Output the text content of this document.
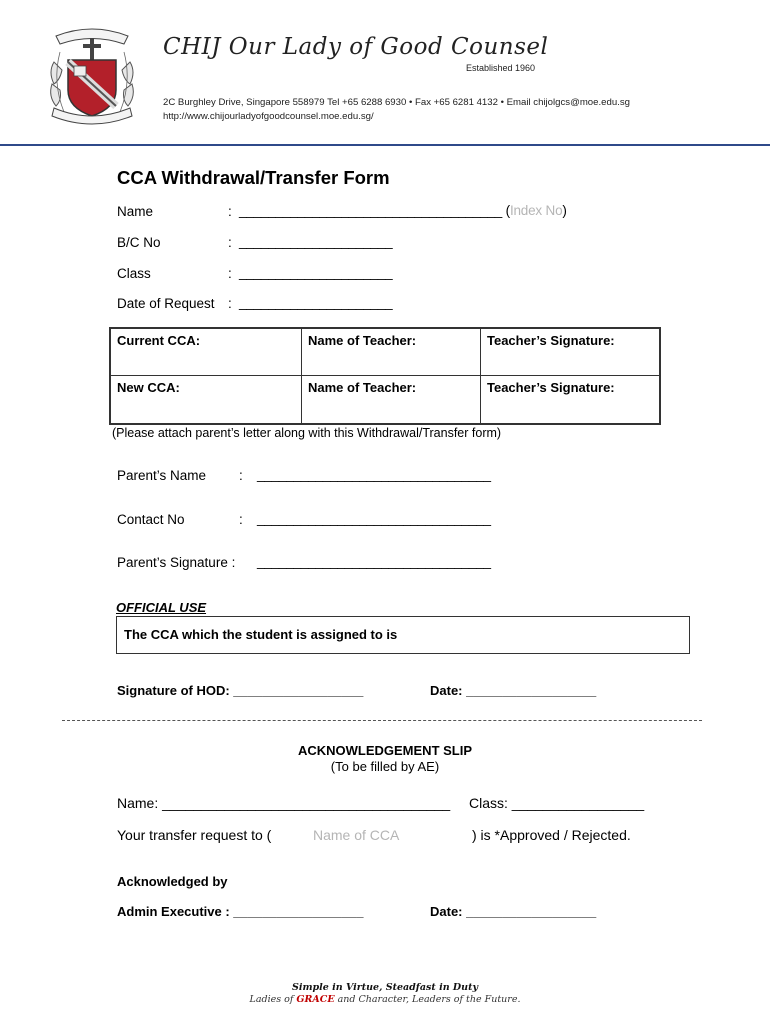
CHIJ Our Lady of Good Counsel
Established 1960
2C Burghley Drive, Singapore 558979 Tel +65 6288 6930 • Fax +65 6281 4132 • Email chijolgcs@moe.edu.sg
http://www.chijourladyofgoodcounsel.moe.edu.sg/
CCA Withdrawal/Transfer Form
Name	: ____________________________________ (Index No)
B/C No	: _____________________
Class	: _____________________
Date of Request : _____________________
Current CCA:	Name of Teacher:	Teacher’s Signature:
New CCA:	Name of Teacher:	Teacher’s Signature:
(Please attach parent’s letter along with this Withdrawal/Transfer form)
Parent’s Name : ________________________________
Contact No	: ________________________________
Parent’s Signature : ________________________________
OFFICIAL USE
The CCA which the student is assigned to is
Signature of HOD: __________________	Date: __________________
ACKNOWLEDGEMENT SLIP
(To be filled by AE)
Name: _____________________________________ Class: _________________
Your transfer request to (	Name of CCA	) is *Approved / Rejected.
Acknowledged by
Admin Executive : __________________	Date: __________________
Simple in Virtue, Steadfast in Duty
Ladies of GRACE and Character, Leaders of the Future.
